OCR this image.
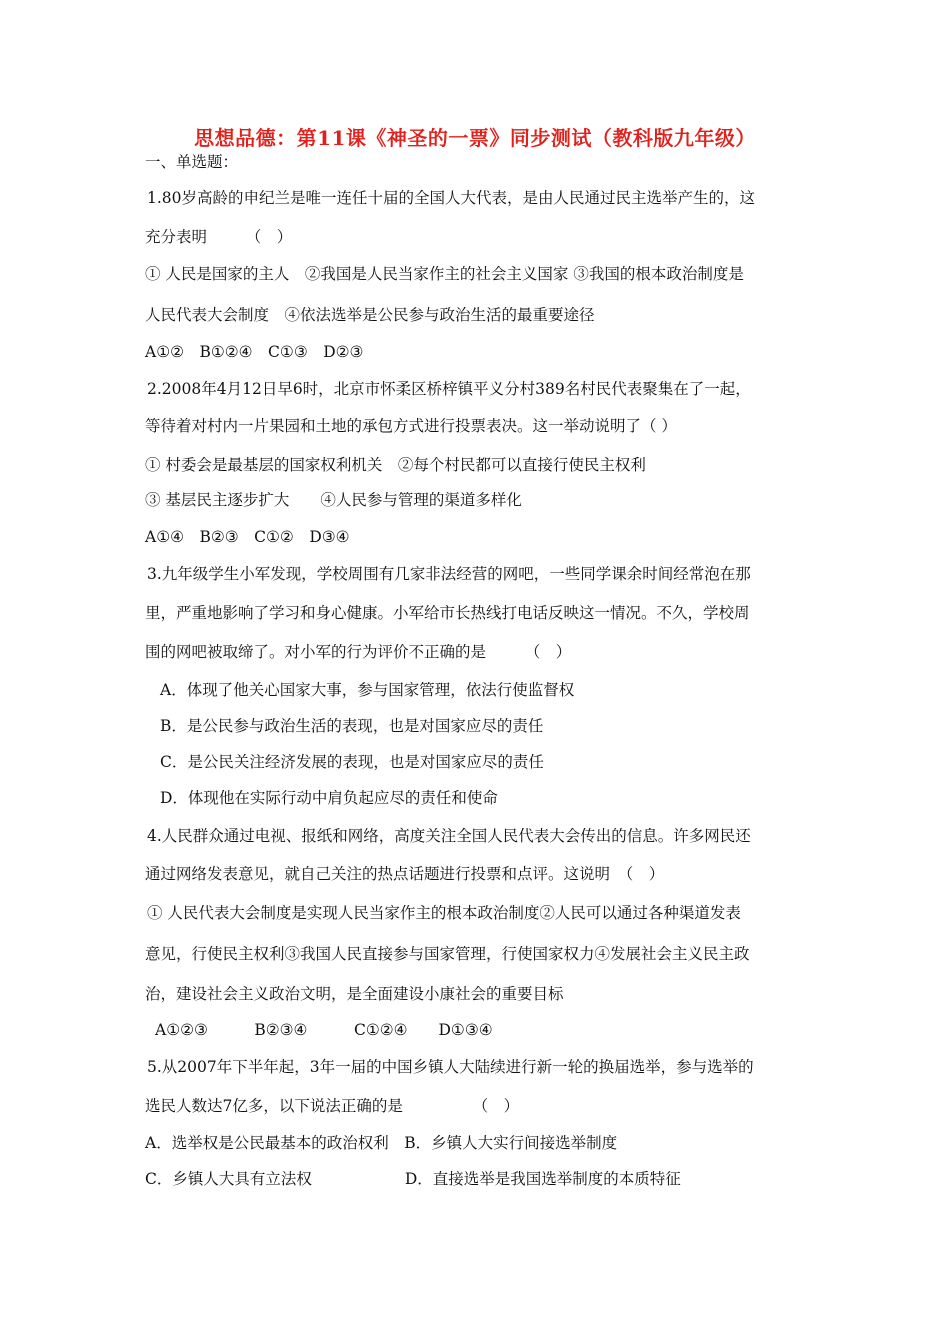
思想品德：第11课《神圣的一票》同步测试（教科版九年级）
一、单选题：
1.80岁高龄的申纪兰是唯一连任十届的全国人大代表，是由人民通过民主选举产生的，这
充分表明　　　（　）
① 人民是国家的主人　②我国是人民当家作主的社会主义国家 ③我国的根本政治制度是
人民代表大会制度　④依法选举是公民参与政治生活的最重要途径
A①②　B①②④　C①③　D②③
2.2008年4月12日早6时，北京市怀柔区桥梓镇平义分村389名村民代表聚集在了一起，
等待着对村内一片果园和土地的承包方式进行投票表决。这一举动说明了（ ）
① 村委会是最基层的国家权利机关　②每个村民都可以直接行使民主权利
③ 基层民主逐步扩大　　④人民参与管理的渠道多样化
A①④　B②③　C①②　D③④
3.九年级学生小军发现，学校周围有几家非法经营的网吧，一些同学课余时间经常泡在那
里，严重地影响了学习和身心健康。小军给市长热线打电话反映这一情况。不久，学校周
围的网吧被取缔了。对小军的行为评价不正确的是　　　（　）
A．体现了他关心国家大事，参与国家管理，依法行使监督权
B．是公民参与政治生活的表现，也是对国家应尽的责任
C．是公民关注经济发展的表现，也是对国家应尽的责任
D．体现他在实际行动中肩负起应尽的责任和使命
4.人民群众通过电视、报纸和网络，高度关注全国人民代表大会传出的信息。许多网民还
通过网络发表意见，就自己关注的热点话题进行投票和点评。这说明　（　）
① 人民代表大会制度是实现人民当家作主的根本政治制度②人民可以通过各种渠道发表
意见，行使民主权利③我国人民直接参与国家管理，行使国家权力④发展社会主义民主政
治，建设社会主义政治文明，是全面建设小康社会的重要目标
A①②③　　　B②③④　　　C①②④　　D①③④
5.从2007年下半年起，3年一届的中国乡镇人大陆续进行新一轮的换届选举，参与选举的
选民人数达7亿多，以下说法正确的是　　　　　（　）
A．选举权是公民最基本的政治权利　B．乡镇人大实行间接选举制度
C．乡镇人大具有立法权　　　　　　D．直接选举是我国选举制度的本质特征
